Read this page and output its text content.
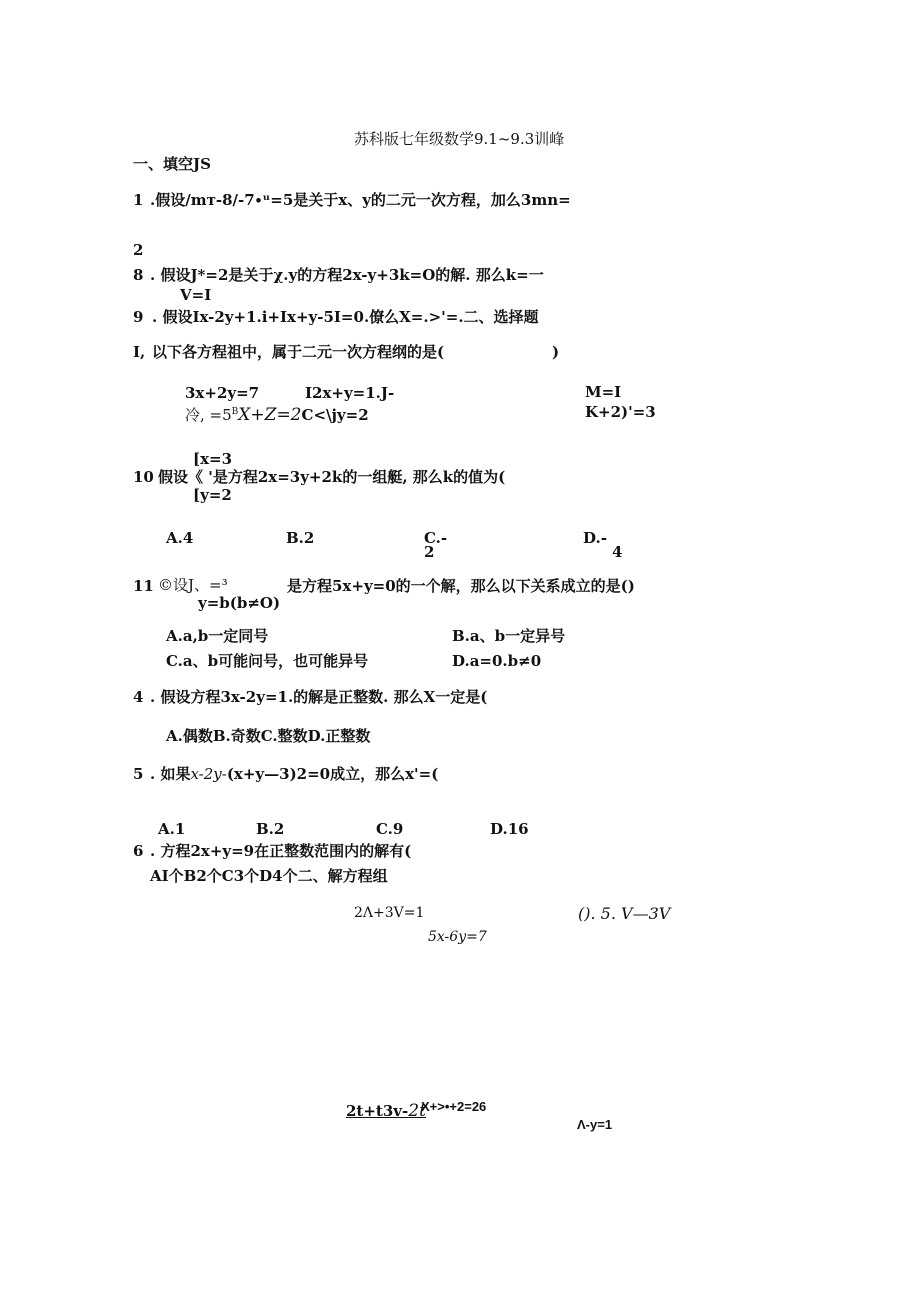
苏科版七年级数学9.1~9.3训峰
一、填空JS
1 .假设/mт-8/-7∙ᵘ=5是关于x、y的二元一次方程，加么3mn=
2
8 . 假设J*=2是关于χ.y的方程2x-y+3k=O的解. 那么k=一
V=I
9 . 假设Ix-2y+1.i+Ix+y-5I=0.僚么X=.>'=.二、选择题
I, 以下各方程祖中，属于二元一次方程纲的是(	)
3x+2y=7	I2x+y=1.J-	M=I
冷, $=5^BX+Z=2C<\backslash jy=2$	K+2)'=3
[x=3
10 假设《 '是方程2x=3y+2k的一组艇, 那么k的值为(
[y=2
A.4	B.2	C.-
2
D.-
4
11 ©设J、=³	是方程5x+y=0的一个解，那么以下关系成立的是()
y=b(b≠O)
A.a,b一定同号	B.a、b一定异号
C.a、b可能问号，也可能异号	D.a=0.b≠0
4 . 假设方程3x-2y=1.的解是正整数. 那么X一定是(
A.偶数B.奇数C.整数D.正整数
5 . 如果x-2y-(x+y—3)2=0成立，那么x'=(
A.1	B.2	C.9	D.16
6 . 方程2x+y=9在正整数范围内的解有(
AI个B2个C3个D4个二、解方程组
2Λ+3V=1	(). 5. V—3V
5x-6y=7
2t+t3v-2t
X+>•+2=26
Λ-y=1
